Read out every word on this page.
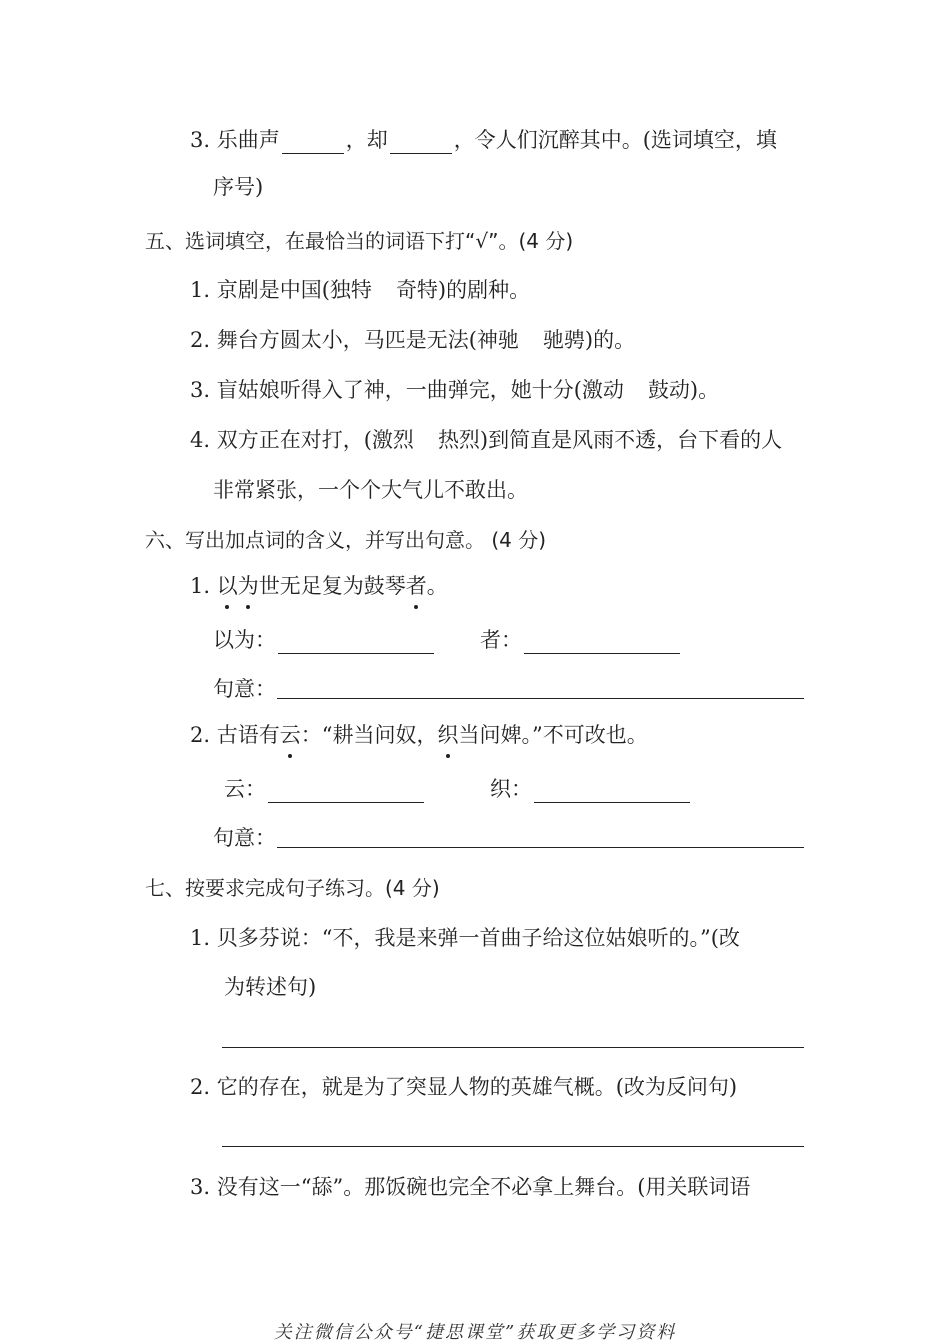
3. 乐曲声	，却	，令人们沉醉其中。(选词填空，填
序号)
五、选词填空，在最恰当的词语下打“√”。(4 分)
1. 京剧是中国(独特 奇特)的剧种。
2. 舞台方圆太小，马匹是无法(神驰 驰骋)的。
3. 盲姑娘听得入了神，一曲弹完，她十分(激动 鼓动)。
4. 双方正在对打，(激烈 热烈)到简直是风雨不透，台下看的人
非常紧张，一个个大气儿不敢出。
六、写出加点词的含义，并写出句意。 (4 分)
1. 以为世无足复为鼓琴者。
以为：	者：
句意：
2. 古语有云：“耕当问奴，织当问婢。”不可改也。
云：	织：
句意：
七、按要求完成句子练习。(4 分)
1. 贝多芬说：“不，我是来弹一首曲子给这位姑娘听的。”(改
为转述句)
2. 它的存在，就是为了突显人物的英雄气概。(改为反问句)
3. 没有这一“舔”。那饭碗也完全不必拿上舞台。(用关联词语
关注微信公众号“捷思课堂”获取更多学习资料
